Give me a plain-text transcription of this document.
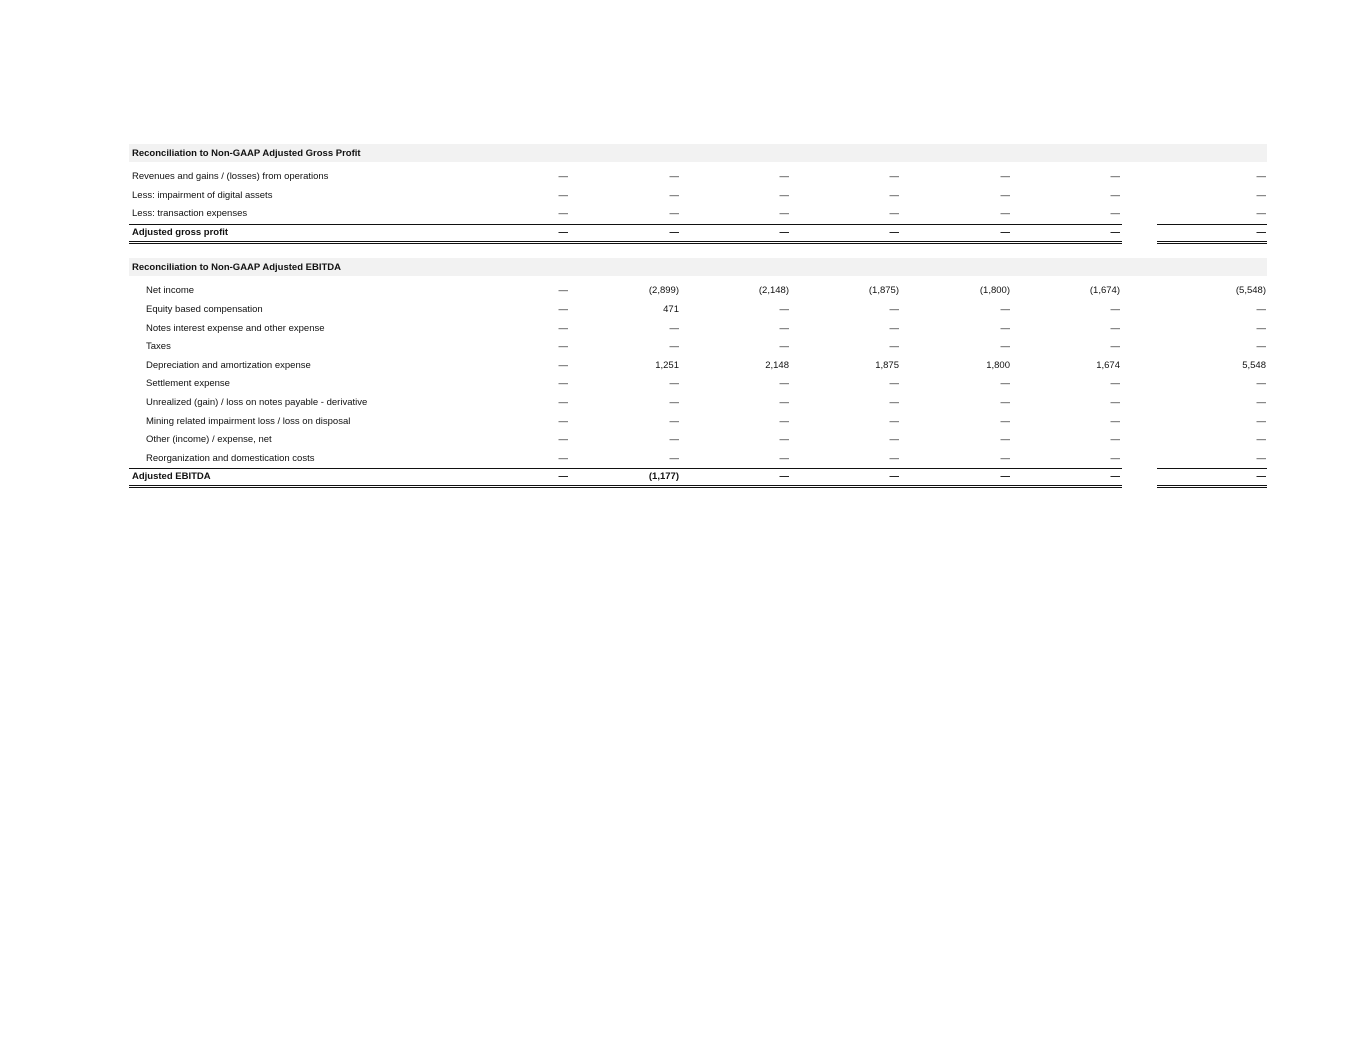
Reconciliation to Non-GAAP Adjusted Gross Profit
Revenues and gains / (losses) from operations	—	—	—	—	—	—	—
Less: impairment of digital assets	—	—	—	—	—	—	—
Less: transaction expenses	—	—	—	—	—	—	—
Adjusted gross profit	—	—	—	—	—	—	—
Reconciliation to Non-GAAP Adjusted EBITDA
Net income	—	(2,899)	(2,148)	(1,875)	(1,800)	(1,674)	(5,548)
Equity based compensation	—	471	—	—	—	—	—
Notes interest expense and other expense	—	—	—	—	—	—	—
Taxes	—	—	—	—	—	—	—
Depreciation and amortization expense	—	1,251	2,148	1,875	1,800	1,674	5,548
Settlement expense	—	—	—	—	—	—	—
Unrealized (gain) / loss on notes payable - derivative	—	—	—	—	—	—	—
Mining related impairment loss / loss on disposal	—	—	—	—	—	—	—
Other (income) / expense, net	—	—	—	—	—	—	—
Reorganization and domestication costs	—	—	—	—	—	—	—
Adjusted EBITDA	—	(1,177)	—	—	—	—	—
